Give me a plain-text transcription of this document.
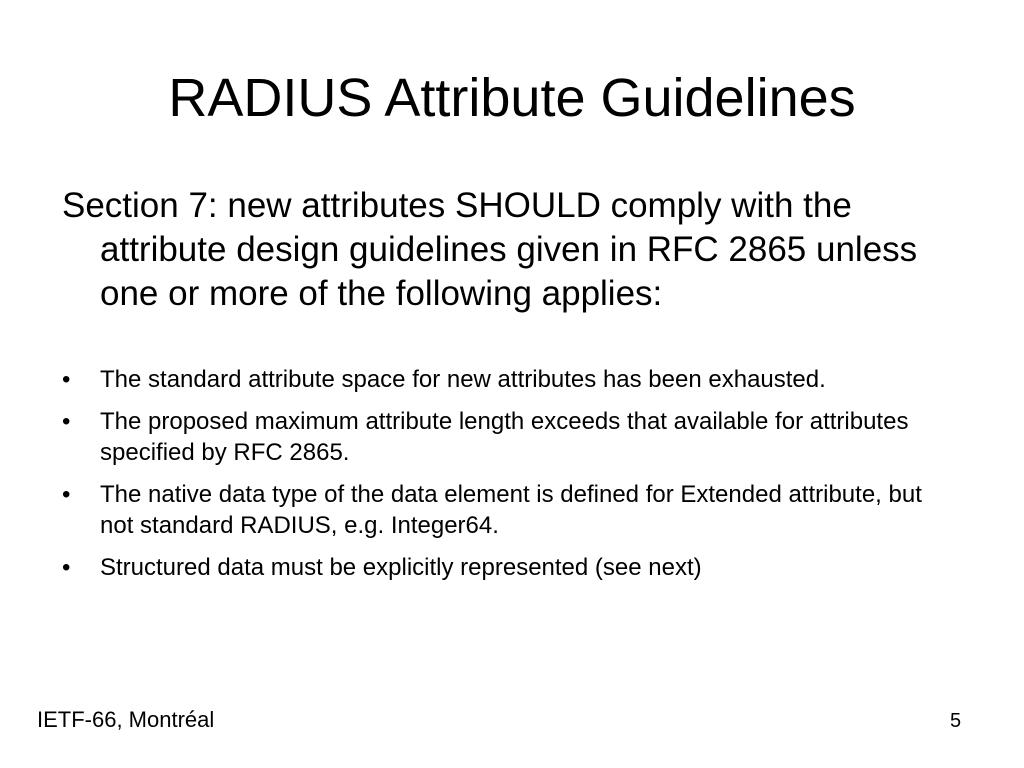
RADIUS Attribute Guidelines

Section 7: new attributes SHOULD comply with the attribute design guidelines given in RFC 2865 unless one or more of the following applies:

•	The standard attribute space for new attributes has been exhausted.
•	The proposed maximum attribute length exceeds that available for attributes specified by RFC 2865.
•	The native data type of the data element is defined for Extended attribute, but not standard RADIUS, e.g. Integer64.
•	Structured data must be explicitly represented (see next)
IETF-66, Montréal	5
